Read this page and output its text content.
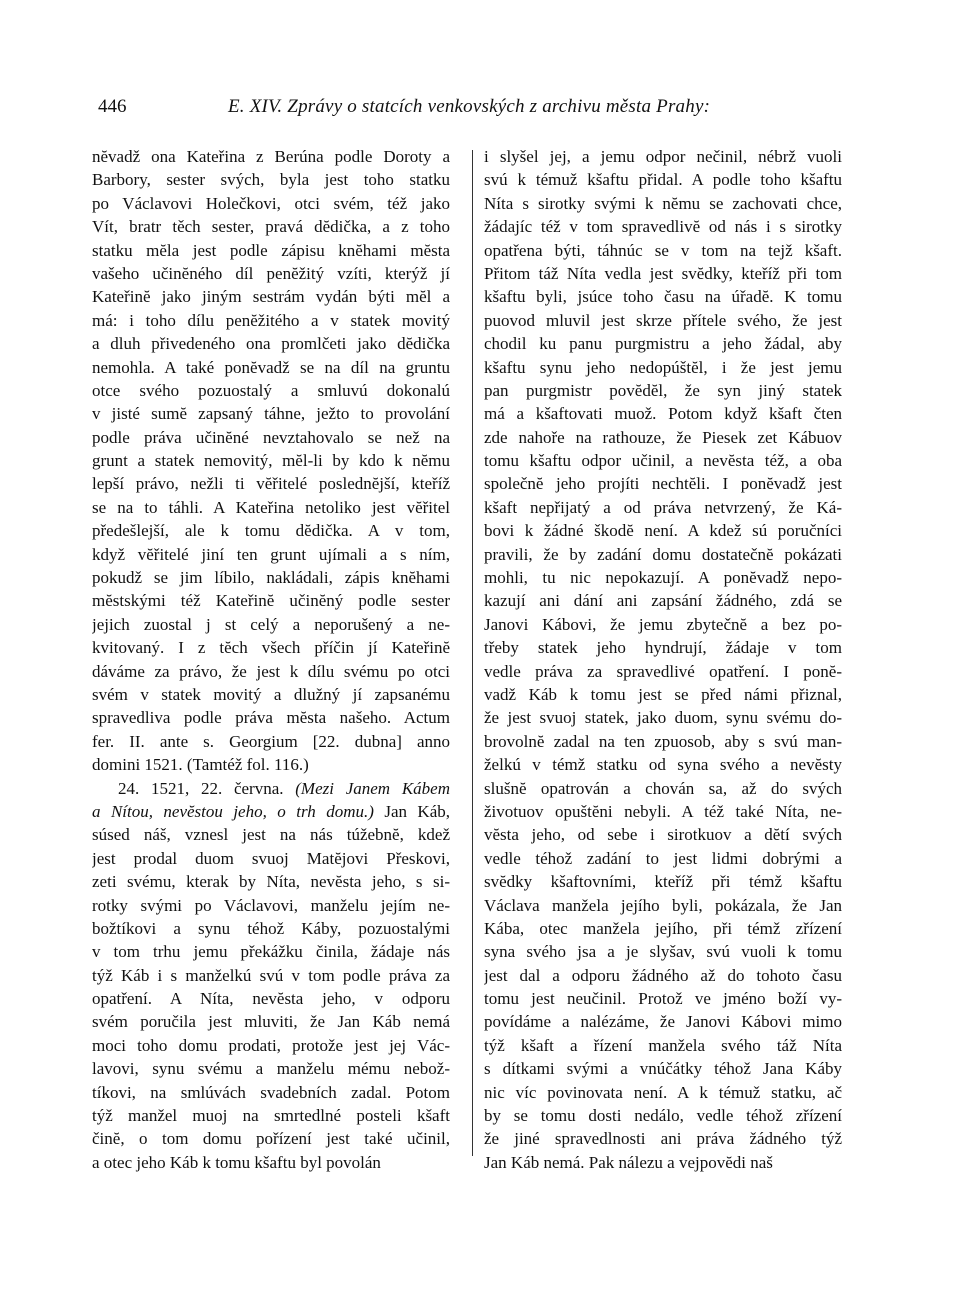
446	E. XIV. Zprávy o statcích venkovských z archivu města Prahy:
nĕvadž ona Kateřina z Berúna podle Doroty a
Barbory, sester svých, byla jest toho statku
po Václavovi Holečkovi, otci svém, též jako
Vít, bratr těch sester, pravá dĕdička, a z toho
statku mĕla jest podle zápisu knĕhami mĕsta
vašeho učinĕného díl penĕžitý vzíti, kterýž jí
Kateřinĕ jako jiným sestrám vydán býti mĕl a
má: i toho dílu penĕžitého a v statek movitý
a dluh přivedeného ona promlčeti jako dĕdička
nemohla. A také ponĕvadž se na díl na gruntu
otce svého pozuostalý a smluvú dokonalú
v jisté sumĕ zapsaný táhne, ježto to provolání
podle práva učinĕné nevztahovalo se než na
grunt a statek nemovitý, mĕl-li by kdo k nĕmu
lepší právo, nežli ti vĕřitelé poslednĕjší, kteříž
se na to táhli. A Kateřina netoliko jest vĕřitel
předešlejší, ale k tomu dĕdička. A v tom,
když vĕřitelé jiní ten grunt ujímali a s ním,
pokudž se jim líbilo, nakládali, zápis knĕhami
mĕstskými též Kateřinĕ učinĕný podle sester
jejich zuostal j st celý a neporušený a ne-
kvitovaný. I z tĕch všech příčin jí Kateřinĕ
dáváme za právo, že jest k dílu svému po otci
svém v statek movitý a dlužný jí zapsanému
spravedliva podle práva mĕsta našeho. Actum
fer. II. ante s. Georgium [22. dubna] anno
domini 1521. (Tamtéž fol. 116.)
24. 1521, 22. června. (Mezi Janem Kábem
a Nítou, nevĕstou jeho, o trh domu.) Jan Káb,
súsed náš, vznesl jest na nás túžebnĕ, kdež
jest prodal duom svuoj Matĕjovi Přeskovi,
zeti svému, kterak by Níta, nevĕsta jeho, s si-
rotky svými po Václavovi, manželu jejím ne-
božtíkovi a synu téhož Káby, pozuostalými
v tom trhu jemu překážku činila, žádaje nás
týž Káb i s manželkú svú v tom podle práva za
opatření. A Níta, nevĕsta jeho, v odporu
svém poručila jest mluviti, že Jan Káb nemá
moci toho domu prodati, protože jest jej Vác-
lavovi, synu svému a manželu mému nebož-
tíkovi, na smlúvách svadebních zadal. Potom
týž manžel muoj na smrtedlné posteli kšaft
činĕ, o tom domu pořízení jest také učinil,
a otec jeho Káb k tomu kšaftu byl povolán
i slyšel jej, a jemu odpor nečinil, nébrž vuoli
svú k témuž kšaftu přidal. A podle toho kšaftu
Níta s sirotky svými k nĕmu se zachovati chce,
žádajíc též v tom spravedlivĕ od nás i s sirotky
opatřena býti, táhnúc se v tom na tejž kšaft.
Přitom táž Níta vedla jest svĕdky, kteříž při tom
kšaftu byli, jsúce toho času na úřadĕ. K tomu
puovod mluvil jest skrze přítele svého, že jest
chodil ku panu purgmistru a jeho žádal, aby
kšaftu synu jeho nedopúštĕl, i že jest jemu
pan purgmistr povĕdĕl, že syn jiný statek
má a kšaftovati muož. Potom když kšaft čten
zde nahoře na rathouze, že Piesek zet Kábuov
tomu kšaftu odpor učinil, a nevĕsta též, a oba
společnĕ jeho projíti nechtĕli. I ponĕvadž jest
kšaft nepřijatý a od práva netvrzený, že Ká-
bovi k žádné škodĕ není. A kdež sú poručníci
pravili, že by zadání domu dostatečnĕ pokázati
mohli, tu nic nepokazují. A ponĕvadž nepo-
kazují ani dání ani zapsání žádného, zdá se
Janovi Kábovi, že jemu zbytečnĕ a bez po-
třeby statek jeho hyndrují, žádaje v tom
vedle práva za spravedlivé opatření. I ponĕ-
vadž Káb k tomu jest se před námi přiznal,
že jest svuoj statek, jako duom, synu svému do-
brovolnĕ zadal na ten zpuosob, aby s svú man-
želkú v témž statku od syna svého a nevĕsty
slušnĕ opatrován a chován sa, až do svých
životuov opuštĕni nebyli. A též také Níta, ne-
vĕsta jeho, od sebe i sirotkuov a dĕtí svých
vedle téhož zadání to jest lidmi dobrými a
svĕdky kšaftovními, kteříž při témž kšaftu
Václava manžela jejího byli, pokázala, že Jan
Kába, otec manžela jejího, při témž zřízení
syna svého jsa a je slyšav, svú vuoli k tomu
jest dal a odporu žádného až do tohoto času
tomu jest neučinil. Protož ve jméno boží vy-
povídáme a nalézáme, že Janovi Kábovi mimo
týž kšaft a řízení manžela svého táž Níta
s dítkami svými a vnúčátky téhož Jana Káby
nic víc povinovata není. A k témuž statku, ač
by se tomu dosti nedálo, vedle téhož zřízení
že jiné spravedlnosti ani práva žádného týž
Jan Káb nemá. Pak nálezu a vejpovĕdi naš
